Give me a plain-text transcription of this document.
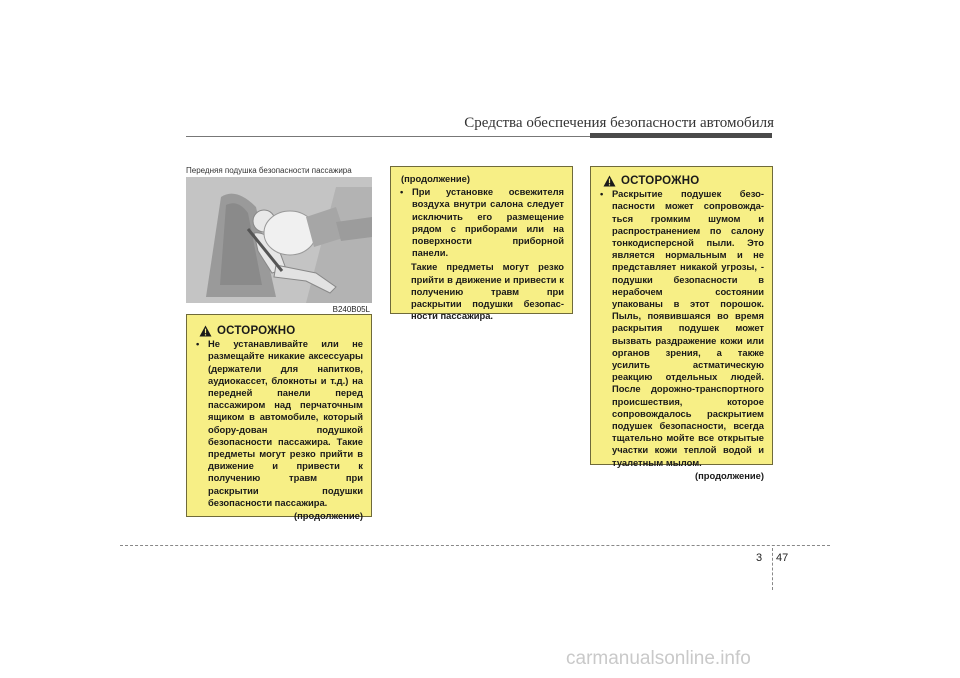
Средства обеспечения безопасности автомобиля
Передняя подушка безопасности пассажира
B240B05L
ОСТОРОЖНО
• Не устанавливайте или не размещайте никакие аксессуары (держатели для напитков, аудиокассет, блокноты и т.д.) на передней панели перед пассажиром над перчаточным ящиком в автомобиле, который обору-дован подушкой безопасности пассажира. Такие предметы могут резко прийти в движение и привести к получению травм при раскрытии подушки безопасности пассажира.
(продолжение)
(продолжение)
• При установке освежителя воздуха внутри салона следует исключить его размещение рядом с приборами или на поверхности приборной панели.
Такие предметы могут резко прийти в движение и привести к получению травм при раскрытии подушки безопас-ности пассажира.
ОСТОРОЖНО
• Раскрытие подушек безо-пасности может сопровожда-ться громким шумом и распространением по салону тонкодисперсной пыли. Это является нормальным и не представляет никакой угрозы, - подушки безопасности в нерабочем состоянии упакованы в этот порошок. Пыль, появившаяся во время раскрытия подушек может вызвать раздражение кожи или органов зрения, а также усилить астматическую реакцию отдельных людей. После дорожно-транспортного происшествия, которое сопровождалось раскрытием подушек безопасности, всегда тщательно мойте все открытые участки кожи теплой водой и туалетным мылом.
(продолжение)
3 47
carmanualsonline.info
